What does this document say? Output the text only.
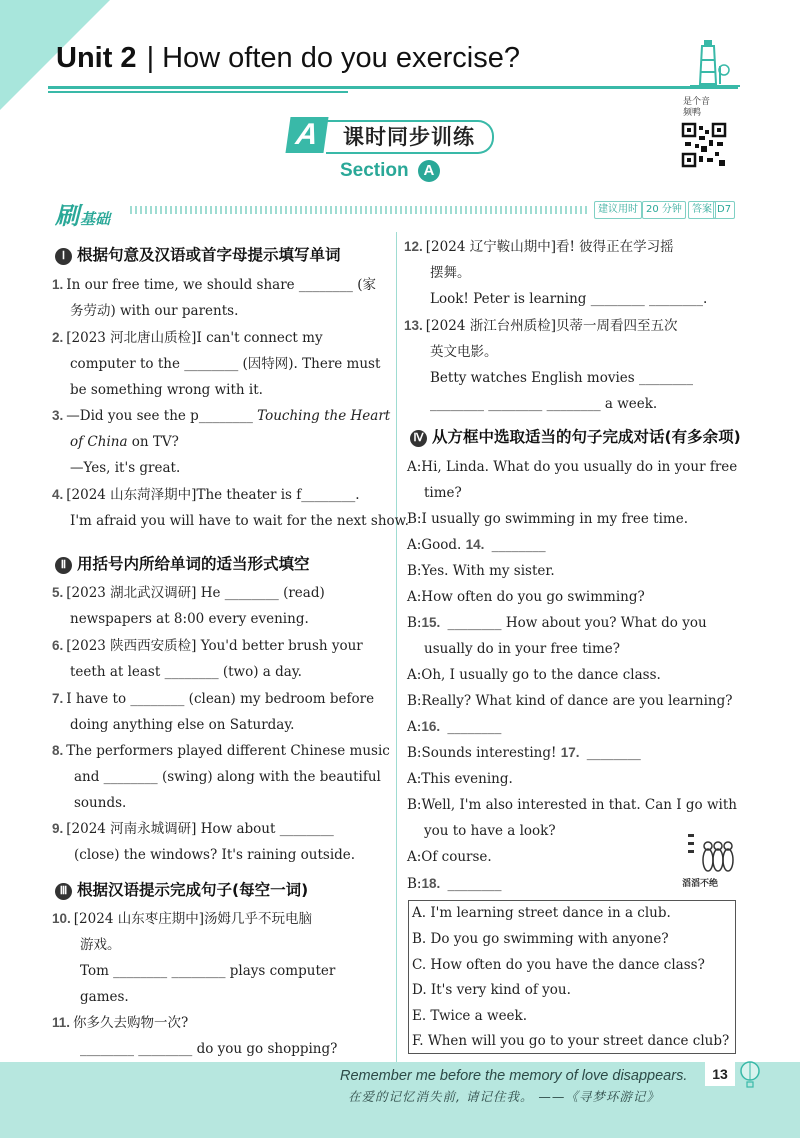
Unit 2 | How often do you exercise?
A	课时同步训练
Section A
是个音频鸭
刷基础
建议用时 20 分钟	答案 D7
Ⅰ 根据句意及汉语或首字母提示填写单词
1. In our free time, we should share ________ (家
务劳动) with our parents.
2. [2023 河北唐山质检]I can't connect my
computer to the ________ (因特网). There must
be something wrong with it.
3. —Did you see the p________ Touching the Heart
of China on TV?
—Yes, it's great.
4. [2024 山东菏泽期中]The theater is f________.
I'm afraid you will have to wait for the next show.
Ⅱ 用括号内所给单词的适当形式填空
5. [2023 湖北武汉调研] He ________ (read)
newspapers at 8:00 every evening.
6. [2023 陕西西安质检] You'd better brush your
teeth at least ________ (two) a day.
7. I have to ________ (clean) my bedroom before
doing anything else on Saturday.
8. The performers played different Chinese music
and ________ (swing) along with the beautiful
sounds.
9. [2024 河南永城调研] How about ________
(close) the windows? It's raining outside.
Ⅲ 根据汉语提示完成句子(每空一词)
10. [2024 山东枣庄期中]汤姆几乎不玩电脑
游戏。
Tom ________ ________ plays computer
games.
11. 你多久去购物一次?
________ ________ do you go shopping?
12. [2024 辽宁鞍山期中]看! 彼得正在学习摇
摆舞。
Look! Peter is learning ________ ________.
13. [2024 浙江台州质检]贝蒂一周看四至五次
英文电影。
Betty watches English movies ________
________ ________ ________ a week.
Ⅳ 从方框中选取适当的句子完成对话(有多余项)
A:Hi, Linda. What do you usually do in your free
time?
B:I usually go swimming in my free time.
A:Good. 14. ________
B:Yes. With my sister.
A:How often do you go swimming?
B:15. ________ How about you? What do you
usually do in your free time?
A:Oh, I usually go to the dance class.
B:Really? What kind of dance are you learning?
A:16. ________
B:Sounds interesting! 17. ________
A:This evening.
B:Well, I'm also interested in that. Can I go with
you to have a look?
A:Of course.
B:18. ________	滔滔不绝
A. I'm learning street dance in a club.
B. Do you go swimming with anyone?
C. How often do you have the dance class?
D. It's very kind of you.
E. Twice a week.
F. When will you go to your street dance club?
Remember me before the memory of love disappears.
在爱的记忆消失前, 请记住我。 ——《寻梦环游记》
13
